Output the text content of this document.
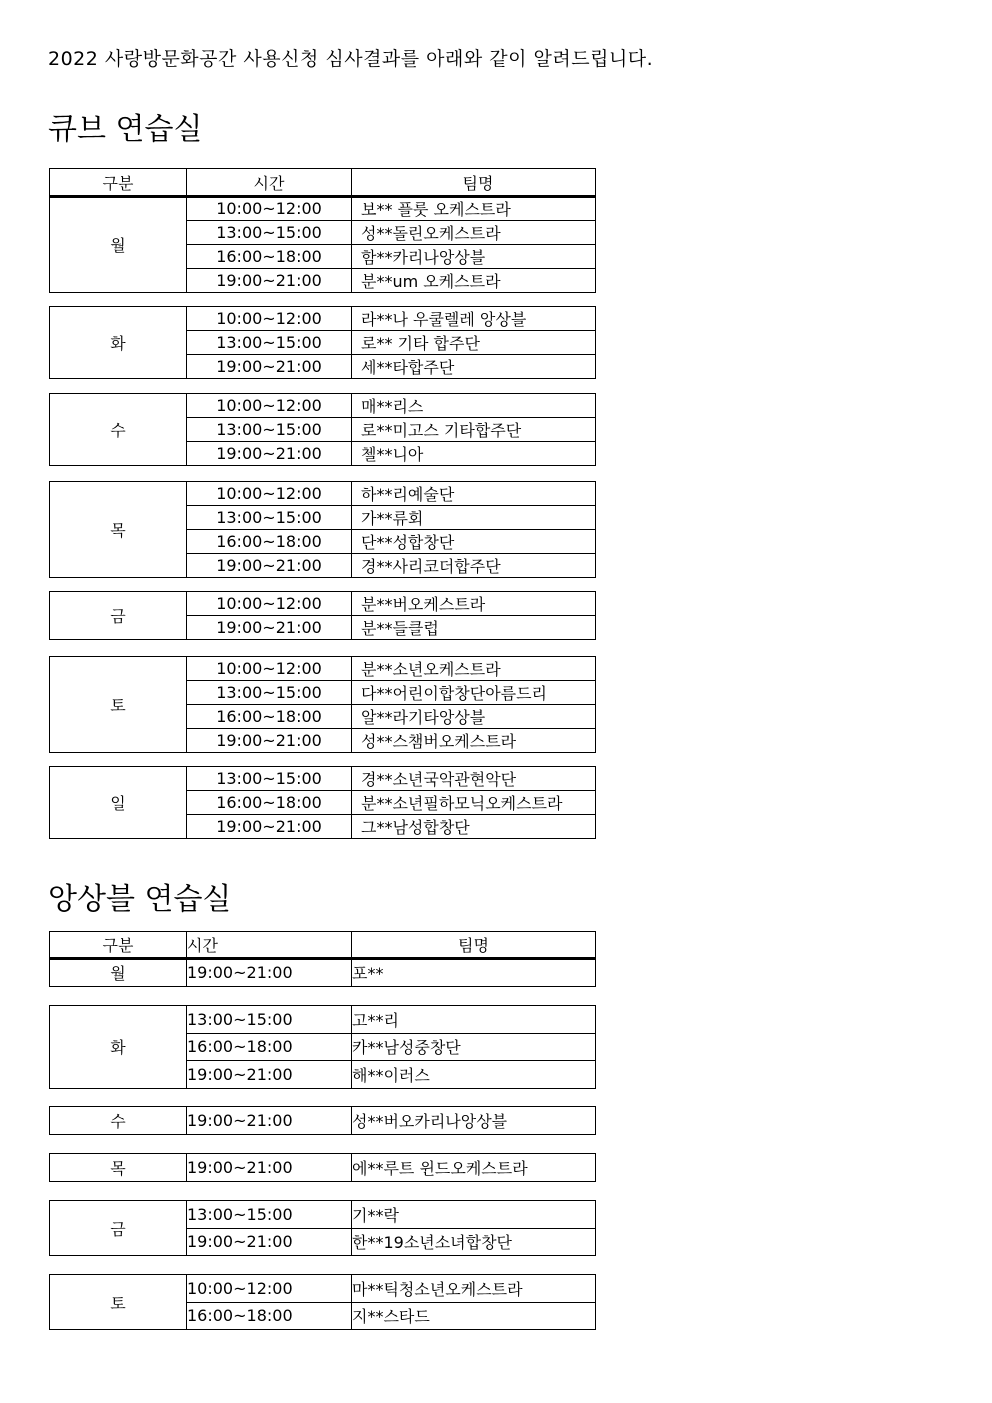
2022 사랑방문화공간 사용신청 심사결과를 아래와 같이 알려드립니다.
큐브 연습실
구분	시간	팀명
월	10:00~12:00	보** 플룻 오케스트라
	13:00~15:00	성**돌린오케스트라
	16:00~18:00	함**카리나앙상블
	19:00~21:00	분**um 오케스트라
화	10:00~12:00	라**나 우쿨렐레 앙상블
	13:00~15:00	로** 기타 합주단
	19:00~21:00	세**타합주단
수	10:00~12:00	매**리스
	13:00~15:00	로**미고스 기타합주단
	19:00~21:00	첼**니아
목	10:00~12:00	하**리예술단
	13:00~15:00	가**류회
	16:00~18:00	단**성합창단
	19:00~21:00	경**사리코더합주단
금	10:00~12:00	분**버오케스트라
	19:00~21:00	분**들클럽
토	10:00~12:00	분**소년오케스트라
	13:00~15:00	다**어린이합창단아름드리
	16:00~18:00	알**라기타앙상블
	19:00~21:00	성**스챔버오케스트라
일	13:00~15:00	경**소년국악관현악단
	16:00~18:00	분**소년필하모닉오케스트라
	19:00~21:00	그**남성합창단
앙상블 연습실
구분	시간	팀명
월	19:00~21:00	포**
화	13:00~15:00	고**리
	16:00~18:00	카**남성중창단
	19:00~21:00	해**이러스
수	19:00~21:00	성**버오카리나앙상블
목	19:00~21:00	에**루트 윈드오케스트라
금	13:00~15:00	기**락
	19:00~21:00	한**19소년소녀합창단
토	10:00~12:00	마**틱청소년오케스트라
	16:00~18:00	지**스타드
